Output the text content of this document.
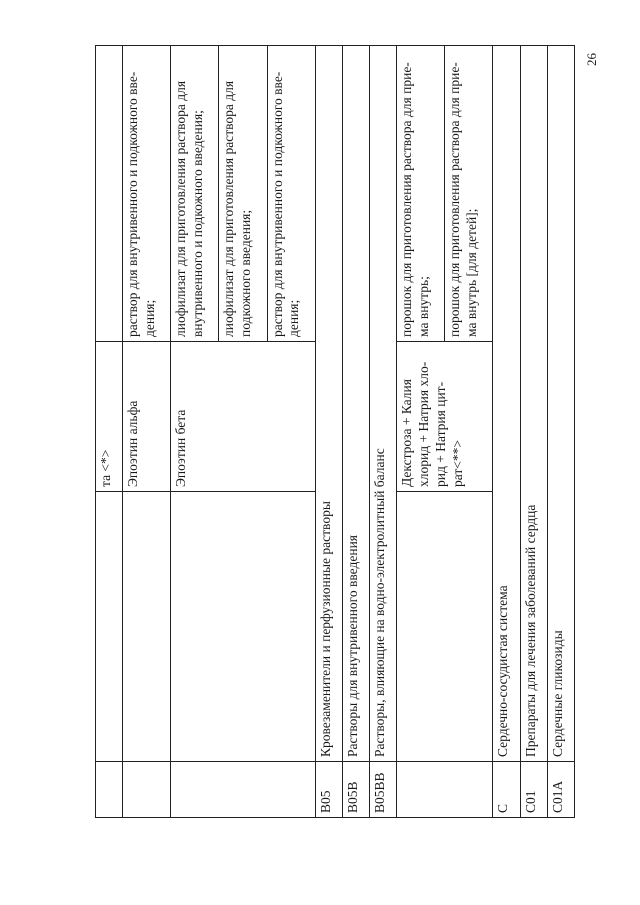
26
		та <*>	
		Эпоэтин альфа	раствор для внутривенного и подкожного вве-дения;
		Эпоэтин бета	лиофилизат для приготовления раствора для внутривенного и подкожного введения;
			лиофилизат для приготовления раствора для подкожного введения;
			раствор для внутривенного и подкожного вве-дения;
B05	Кровезаменители и перфузионные растворы		
B05B	Растворы для внутривенного введения		
B05BB	Растворы, влияющие на водно-электролитный баланс		
		Декстроза + Калия хлорид + Натрия хло-рид + Натрия цит-рат<**>	порошок для приготовления раствора для прие-ма внутрь;
			порошок для приготовления раствора для прие-ма внутрь [для детей];
C	Сердечно-сосудистая система		
C01	Препараты для лечения заболеваний сердца		
C01A	Сердечные гликозиды		
